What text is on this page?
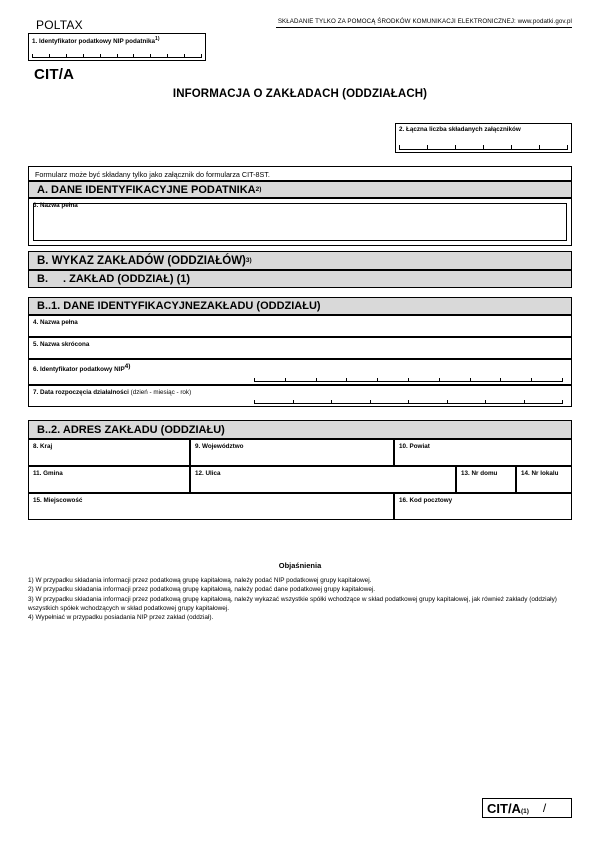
POLTAX	SKŁADANIE TYLKO ZA POMOCĄ ŚRODKÓW KOMUNIKACJI ELEKTRONICZNEJ: www.podatki.gov.pl
1. Identyfikator podatkowy NIP podatnika$^{1)}$
CIT/A
INFORMACJA O ZAKŁADACH (ODDZIAŁACH)
2. Łączna liczba składanych załączników
Formularz może być składany tylko jako załącznik do formularza CIT-8ST.
A. DANE IDENTYFIKACYJNE PODATNIKA 2)
3. Nazwa pełna
B. WYKAZ ZAKŁADÓW (ODDZIAŁÓW) 3)
B. . ZAKŁAD (ODDZIAŁ) (1)
B. .1. DANE IDENTYFIKACYJNEZAKŁADU (ODDZIAŁU)
4. Nazwa pełna
5. Nazwa skrócona
6. Identyfikator podatkowy NIP4)
7. Data rozpoczęcia działalności (dzień - miesiąc - rok)
B. .2. ADRES ZAKŁADU (ODDZIAŁU)
8. Kraj	9. Województwo	10. Powiat
11. Gmina	12. Ulica	13. Nr domu	14. Nr lokalu
15. Miejscowość	16. Kod pocztowy
Objaśnienia
1) W przypadku składania informacji przez podatkową grupę kapitałową, należy podać NIP podatkowej grupy kapitałowej.
2) W przypadku składania informacji przez podatkową grupę kapitałową, należy podać dane podatkowej grupy kapitałowej.
3) W przypadku składania informacji przez podatkową grupę kapitałową, należy wykazać wszystkie spółki wchodzące w skład podatkowej grupy kapitałowej, jak również zakłady (oddziały) wszystkich spółek wchodzących w skład podatkowej grupy kapitałowej.
4) Wypełniać w przypadku posiadania NIP przez zakład (oddział).
CIT/A (1) /
